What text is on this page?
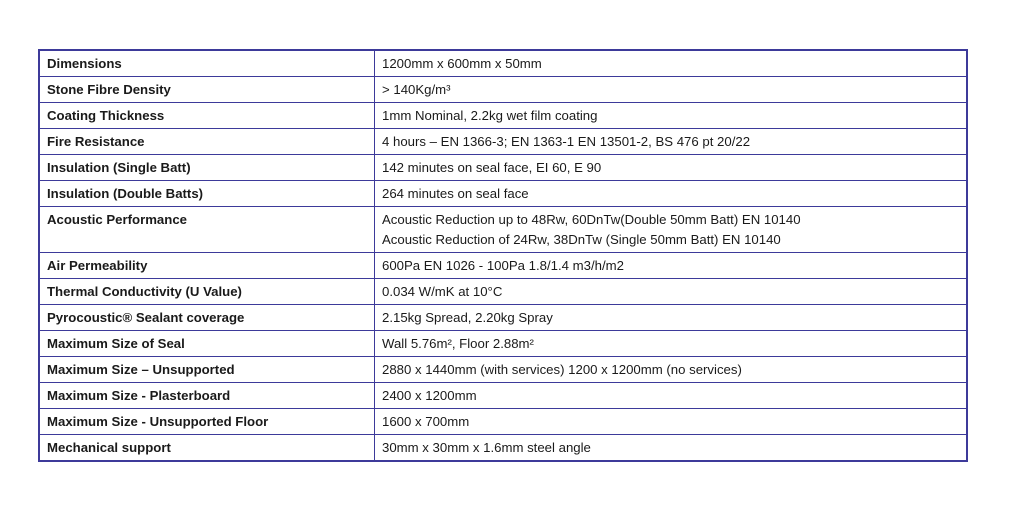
Dimensions	1200mm x 600mm x 50mm

Stone Fibre Density	> 140Kg/m³

Coating Thickness	1mm Nominal, 2.2kg wet film coating

Fire Resistance	4 hours – EN 1366-3; EN 1363-1 EN 13501-2, BS 476 pt 20/22

Insulation (Single Batt)	142 minutes on seal face, EI 60, E 90

Insulation (Double Batts)	264 minutes on seal face

Acoustic Performance	Acoustic Reduction up to 48Rw, 60DnTw(Double 50mm Batt) EN 10140
Acoustic Reduction of 24Rw, 38DnTw (Single 50mm Batt) EN 10140

Air Permeability	600Pa EN 1026 - 100Pa 1.8/1.4 m3/h/m2

Thermal Conductivity (U Value)	0.034 W/mK at 10°C

Pyrocoustic® Sealant coverage	2.15kg Spread, 2.20kg Spray

Maximum Size of Seal	Wall 5.76m², Floor 2.88m²

Maximum Size – Unsupported	2880 x 1440mm (with services) 1200 x 1200mm (no services)

Maximum Size - Plasterboard	2400 x 1200mm

Maximum Size - Unsupported Floor	1600 x 700mm

Mechanical support	30mm x 30mm x 1.6mm steel angle
